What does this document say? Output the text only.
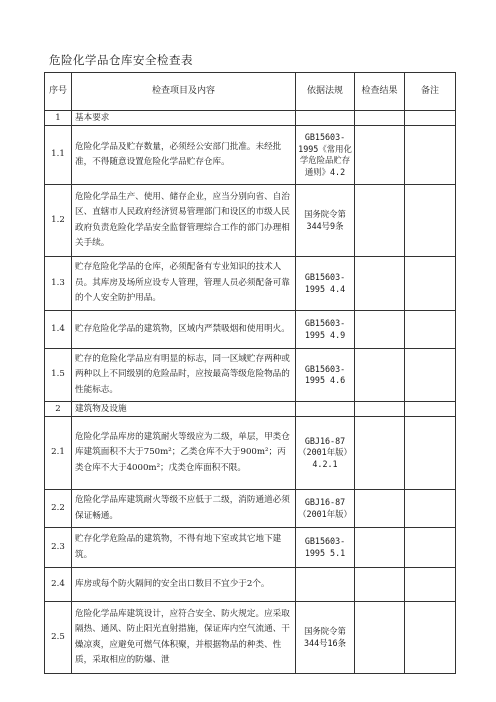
危险化学品仓库安全检查表
序号	检查项目及内容	依据法规	检查结果	备注
1	基本要求			
1.1	危险化学品及贮存数量，必须经公安部门批准。未经批准，不得随意设置危险化学品贮存仓库。	GB15603-1995《常用化学危险品贮存通则》4.2		
1.2	危险化学品生产、使用、储存企业，应当分别向省、自治区、直辖市人民政府经济贸易管理部门和设区的市级人民政府负责危险化学品安全监督管理综合工作的部门办理相关手续。	国务院令第344号9条		
1.3	贮存危险化学品的仓库，必须配备有专业知识的技术人员。其库房及场所应设专人管理，管理人员必须配备可靠的个人安全防护用品。	GB15603-1995 4.4		
1.4	贮存危险化学品的建筑物，区域内严禁吸烟和使用明火。	GB15603-1995 4.9		
1.5	贮存的危险化学品应有明显的标志，同一区域贮存两种或两种以上不同级别的危险品时，应按最高等级危险物品的性能标志。	GB15603-1995 4.6		
2	建筑物及设施			
2.1	危险化学品库房的建筑耐火等级应为二级，单层，甲类仓库建筑面积不大于750m²；乙类仓库不大于900m²；丙类仓库不大于4000m²；戊类仓库面积不限。	GBJ16-87（2001年版）4.2.1		
2.2	危险化学品库建筑耐火等级不应低于二级，消防通道必须保证畅通。	GBJ16-87（2001年版）		
2.3	贮存化学危险品的建筑物，不得有地下室或其它地下建筑。	GB15603-1995 5.1		
2.4	库房或每个防火隔间的安全出口数目不宜少于2个。			
2.5	危险化学品库建筑设计，应符合安全、防火规定。应采取隔热、通风、防止阳光直射措施，保证库内空气流通、干燥凉爽，应避免可燃气体积聚，并根据物品的种类、性质，采取相应的防爆、泄	国务院令第344号16条		
